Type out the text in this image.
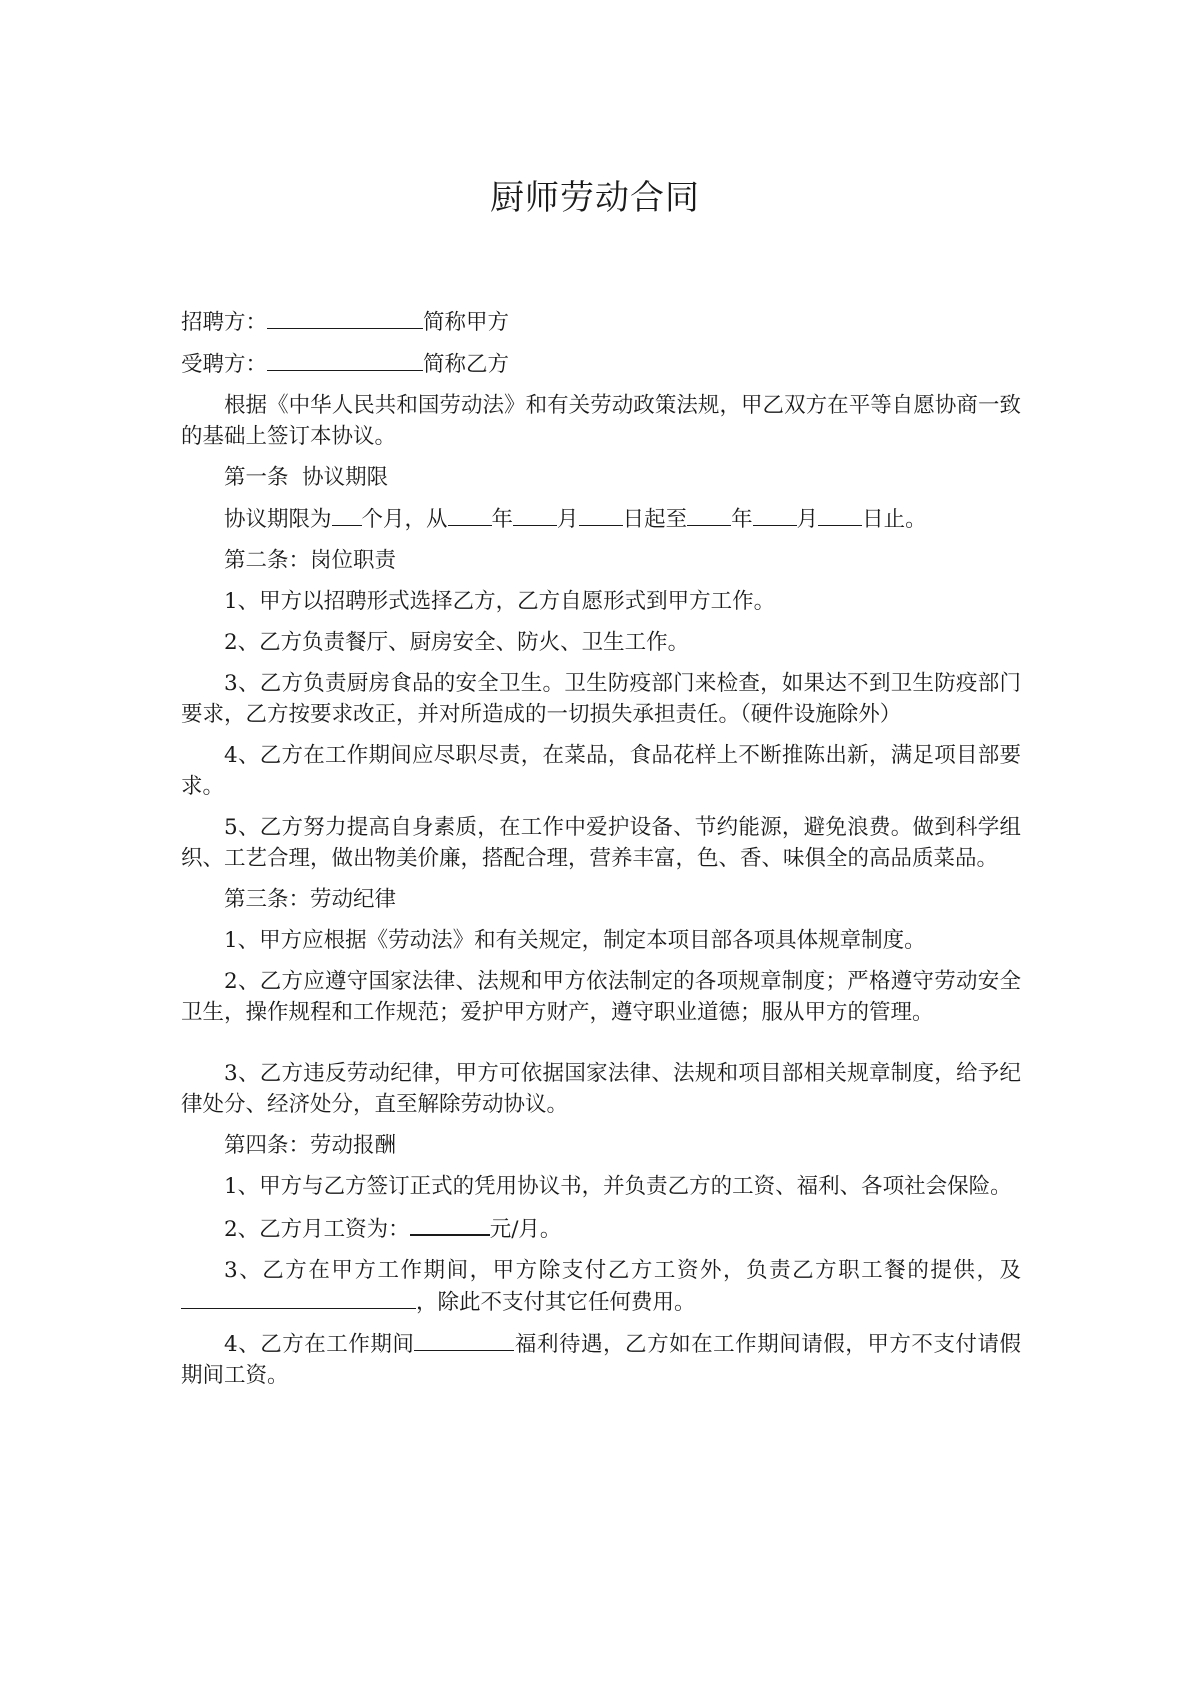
厨师劳动合同

招聘方：	简称甲方

受聘方：	简称乙方

根据《中华人民共和国劳动法》和有关劳动政策法规，甲乙双方在平等自愿协商一致的基础上签订本协议。

第一条  协议期限

协议期限为 个月，从 年 月 日起至 年 月 日止。

第二条：岗位职责

1、甲方以招聘形式选择乙方，乙方自愿形式到甲方工作。

2、乙方负责餐厅、厨房安全、防火、卫生工作。

3、乙方负责厨房食品的安全卫生。卫生防疫部门来检查，如果达不到卫生防疫部门要求，乙方按要求改正，并对所造成的一切损失承担责任。（硬件设施除外）

4、乙方在工作期间应尽职尽责，在菜品，食品花样上不断推陈出新，满足项目部要求。

5、乙方努力提高自身素质，在工作中爱护设备、节约能源，避免浪费。做到科学组织、工艺合理，做出物美价廉，搭配合理，营养丰富，色、香、味俱全的高品质菜品。

第三条：劳动纪律

1、甲方应根据《劳动法》和有关规定，制定本项目部各项具体规章制度。

2、乙方应遵守国家法律、法规和甲方依法制定的各项规章制度；严格遵守劳动安全卫生，操作规程和工作规范；爱护甲方财产，遵守职业道德；服从甲方的管理。

3、乙方违反劳动纪律，甲方可依据国家法律、法规和项目部相关规章制度，给予纪律处分、经济处分，直至解除劳动协议。

第四条：劳动报酬

1、甲方与乙方签订正式的凭用协议书，并负责乙方的工资、福利、各项社会保险。

2、乙方月工资为：	元/月。

3、乙方在甲方工作期间，甲方除支付乙方工资外，负责乙方职工餐的提供，及，除此不支付其它任何费用。

4、乙方在工作期间	福利待遇，乙方如在工作期间请假，甲方不支付请假期间工资。
